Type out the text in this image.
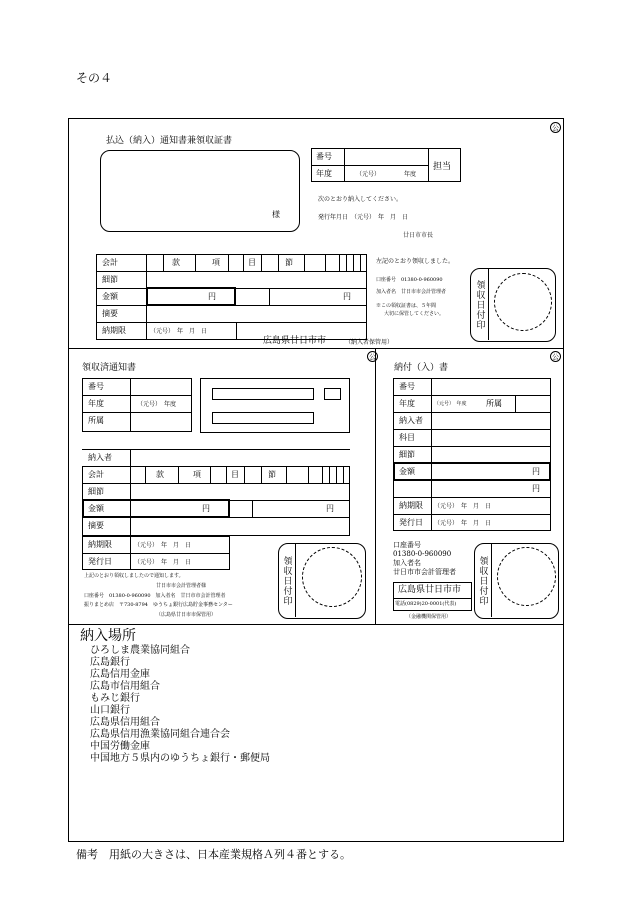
その４
公
公	公
払込（納入）通知書兼領収証書
様
番号
年度	（元号）	年度
担当
次のとおり納入してください。
発行年月日　（元号）　年　月　日
廿日市市長
会計	款	項	目	節
細節
金額	円	円
摘要
納期限	（元号）　年　月　日
広島県廿日市市	（納入者保管用）
左記のとおり領収しました。
口座番号　01380-0-960090
加入者名　廿日市市会計管理者
※この領収証書は、５年間
大切に保管してください。	領収日付印
領収済通知書
番号
年度	（元号）　年度
所属
納入者
会計	款	項	目	節
細節
金額	円	円
摘要
納期限	（元号）　年　月　日
発行日	（元号）　年　月　日
上記のとおり領収しましたので通知します。
廿日市市会計管理者様
口座番号　01380-0-960090　加入者名　廿日市市会計管理者
振りまとめ店　〒730-8794　ゆうちょ銀行広島貯金事務センター
（広島県廿日市市保管用）
領収日付印
納付（入）書
番号
年度	（元号）　年度 所属
納入者
科目
細節
金額	円
円
納期限 （元号）　年　月　日
発行日 （元号）　年　月　日
口座番号
01380-0-960090
加入者名
廿日市市会計管理者
広島県廿日市市
電話(0829)20-0001(代表)
（金融機関保管用）
領収日付印
納入場所
ひろしま農業協同組合
広島銀行
広島信用金庫
広島市信用組合
もみじ銀行
山口銀行
広島県信用組合
広島県信用漁業協同組合連合会
中国労働金庫
中国地方５県内のゆうちょ銀行・郵便局
備考　用紙の大きさは、日本産業規格Ａ列４番とする。
